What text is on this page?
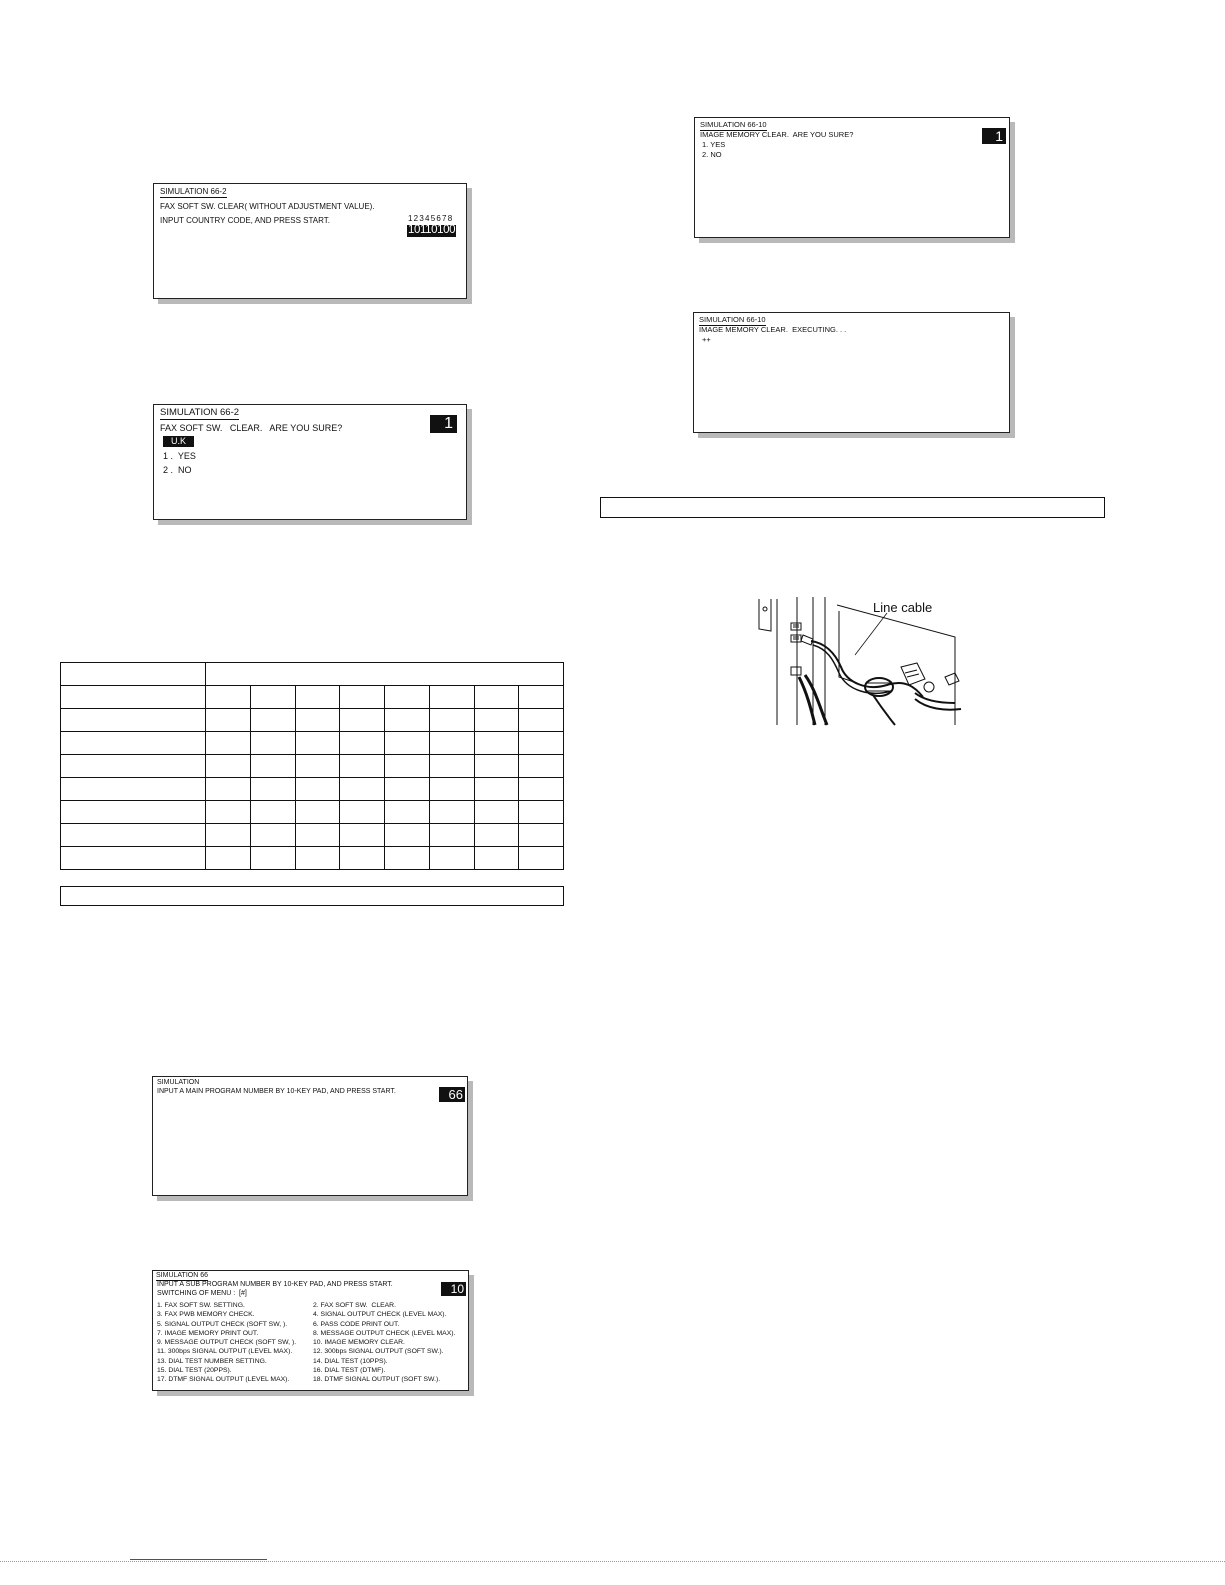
SIMULATION 66-2
FAX SOFT SW. CLEAR( WITHOUT ADJUSTMENT VALUE).
INPUT COUNTRY CODE, AND PRESS START.	1 2 3 4 5 6 7 8
10110100
SIMULATION 66-2
FAX SOFT SW.   CLEAR.   ARE YOU SURE?
U.K
1 .  YES
2 .  NO
1
SIMULATION 66-10
IMAGE MEMORY CLEAR.  ARE YOU SURE?
1. YES
2. NO
1
SIMULATION 66-10
IMAGE MEMORY CLEAR.  EXECUTING. . .
++
Line cable

SIMULATION
INPUT A MAIN PROGRAM NUMBER BY 10-KEY PAD, AND PRESS START.	66
SIMULATION 66
INPUT A SUB PROGRAM NUMBER BY 10-KEY PAD, AND PRESS START.
SWITCHING OF MENU :  [#]	10
1. FAX SOFT SW. SETTING.
3. FAX PWB MEMORY CHECK.
5. SIGNAL OUTPUT CHECK (SOFT SW, ).
7. IMAGE MEMORY PRINT OUT.
9. MESSAGE OUTPUT CHECK (SOFT SW, ).
11. 300bps SIGNAL OUTPUT (LEVEL MAX).
13. DIAL TEST NUMBER SETTING.
15. DIAL TEST (20PPS).
17. DTMF SIGNAL OUTPUT (LEVEL MAX).
2. FAX SOFT SW.  CLEAR.
4. SIGNAL OUTPUT CHECK (LEVEL MAX).
6. PASS CODE PRINT OUT.
8. MESSAGE OUTPUT CHECK (LEVEL MAX).
10. IMAGE MEMORY CLEAR.
12. 300bps SIGNAL OUTPUT (SOFT SW.).
14. DIAL TEST (10PPS).
16. DIAL TEST (DTMF).
18. DTMF SIGNAL OUTPUT (SOFT SW.).
